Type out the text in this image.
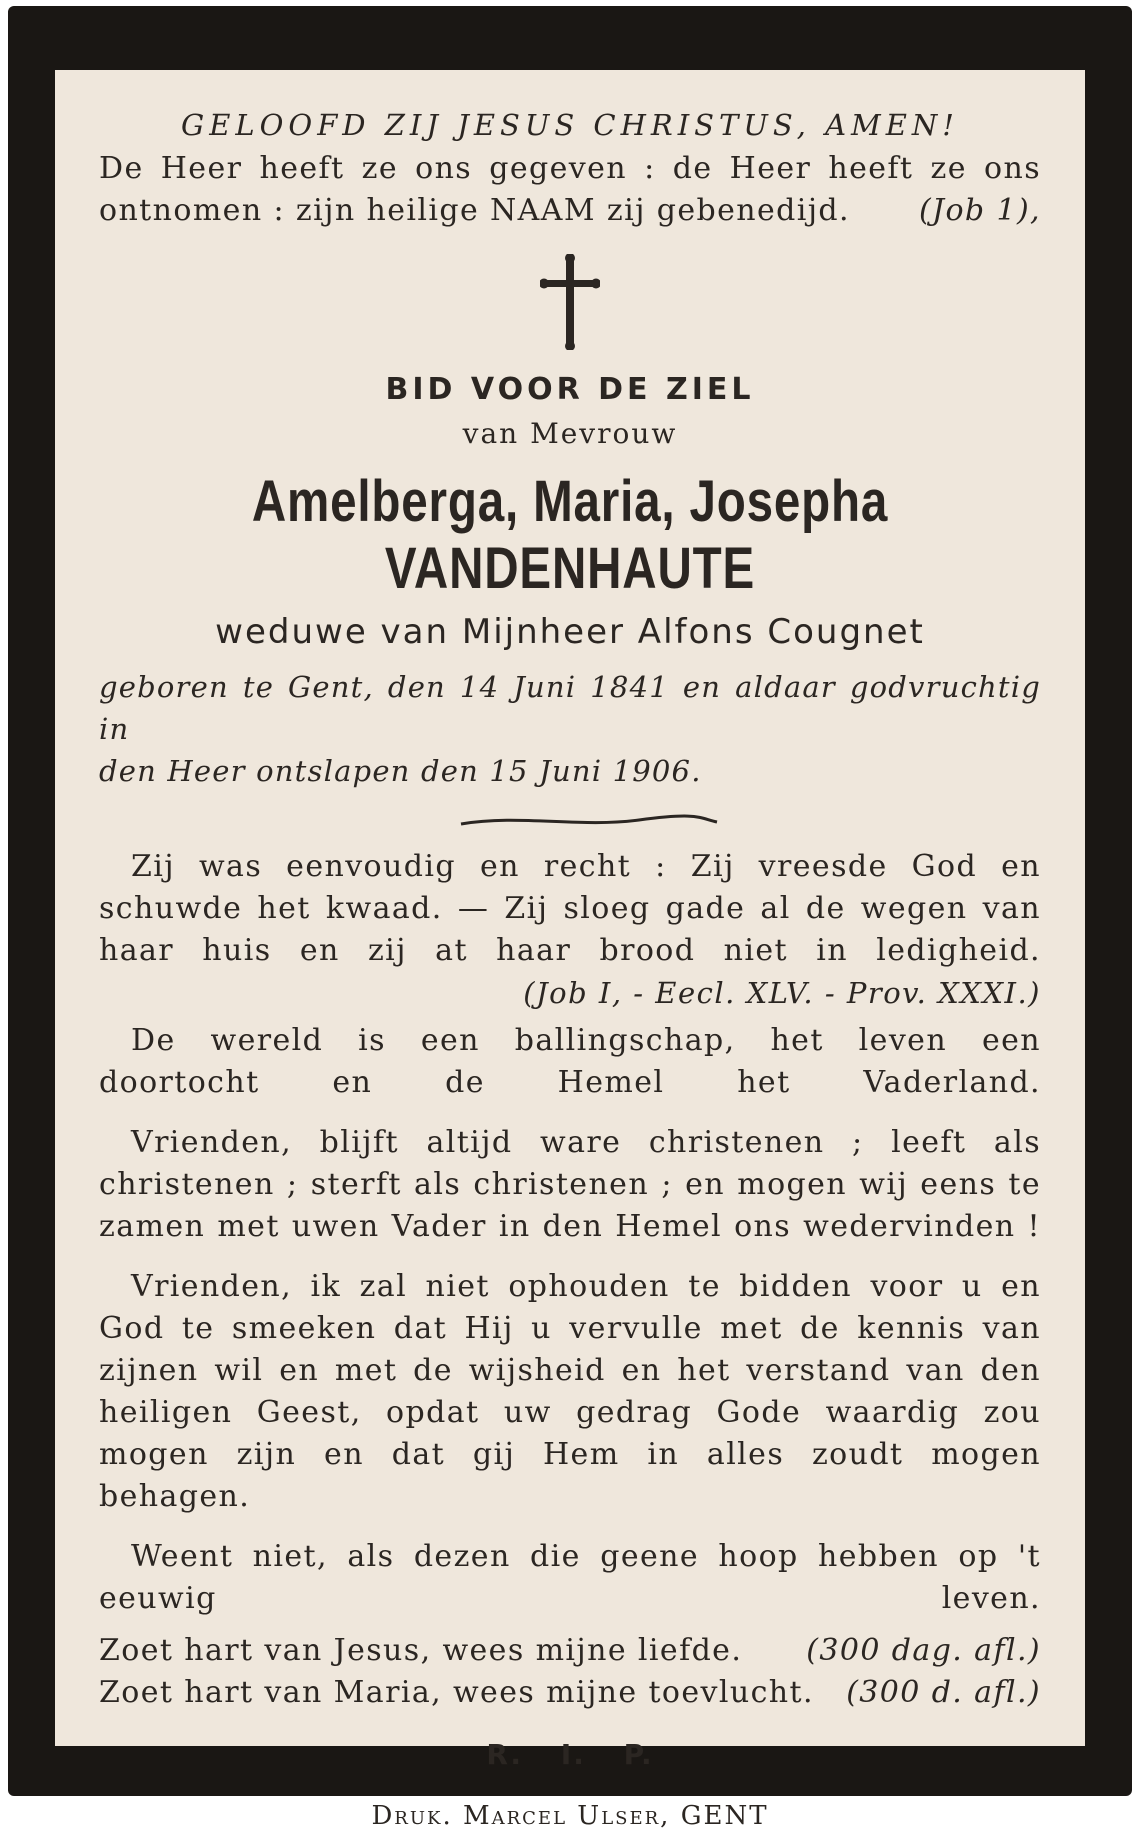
GELOOFD ZIJ JESUS CHRISTUS, AMEN!
De Heer heeft ze ons gegeven : de Heer heeft ze ons
ontnomen : zijn heilige NAAM zij gebenedijd. (Job 1),
BID VOOR DE ZIEL
van Mevrouw
Amelberga, Maria, Josepha VANDENHAUTE
weduwe van Mijnheer Alfons Cougnet
geboren te Gent, den 14 Juni 1841 en aldaar godvruchtig in
den Heer ontslapen den 15 Juni 1906.
Zij was eenvoudig en recht : Zij vreesde God en schuwde het kwaad. — Zij sloeg gade al de wegen van haar huis en zij at haar brood niet in ledigheid.
(Job I, - Eecl. XLV. - Prov. XXXI.)
De wereld is een ballingschap, het leven een doortocht en de Hemel het Vaderland.
Vrienden, blijft altijd ware christenen ; leeft als christenen ; sterft als christenen ; en mogen wij eens te zamen met uwen Vader in den Hemel ons wedervinden !
Vrienden, ik zal niet ophouden te bidden voor u en God te smeeken dat Hij u vervulle met de kennis van zijnen wil en met de wijsheid en het verstand van den heiligen Geest, opdat uw gedrag Gode waardig zou mogen zijn en dat gij Hem in alles zoudt mogen behagen.
Weent niet, als dezen die geene hoop hebben op 't eeuwig leven.
Zoet hart van Jesus, wees mijne liefde. (300 dag. afl.)
Zoet hart van Maria, wees mijne toevlucht. (300 d. afl.)
R. I. P.
Druk. Marcel Ulser, GENT
